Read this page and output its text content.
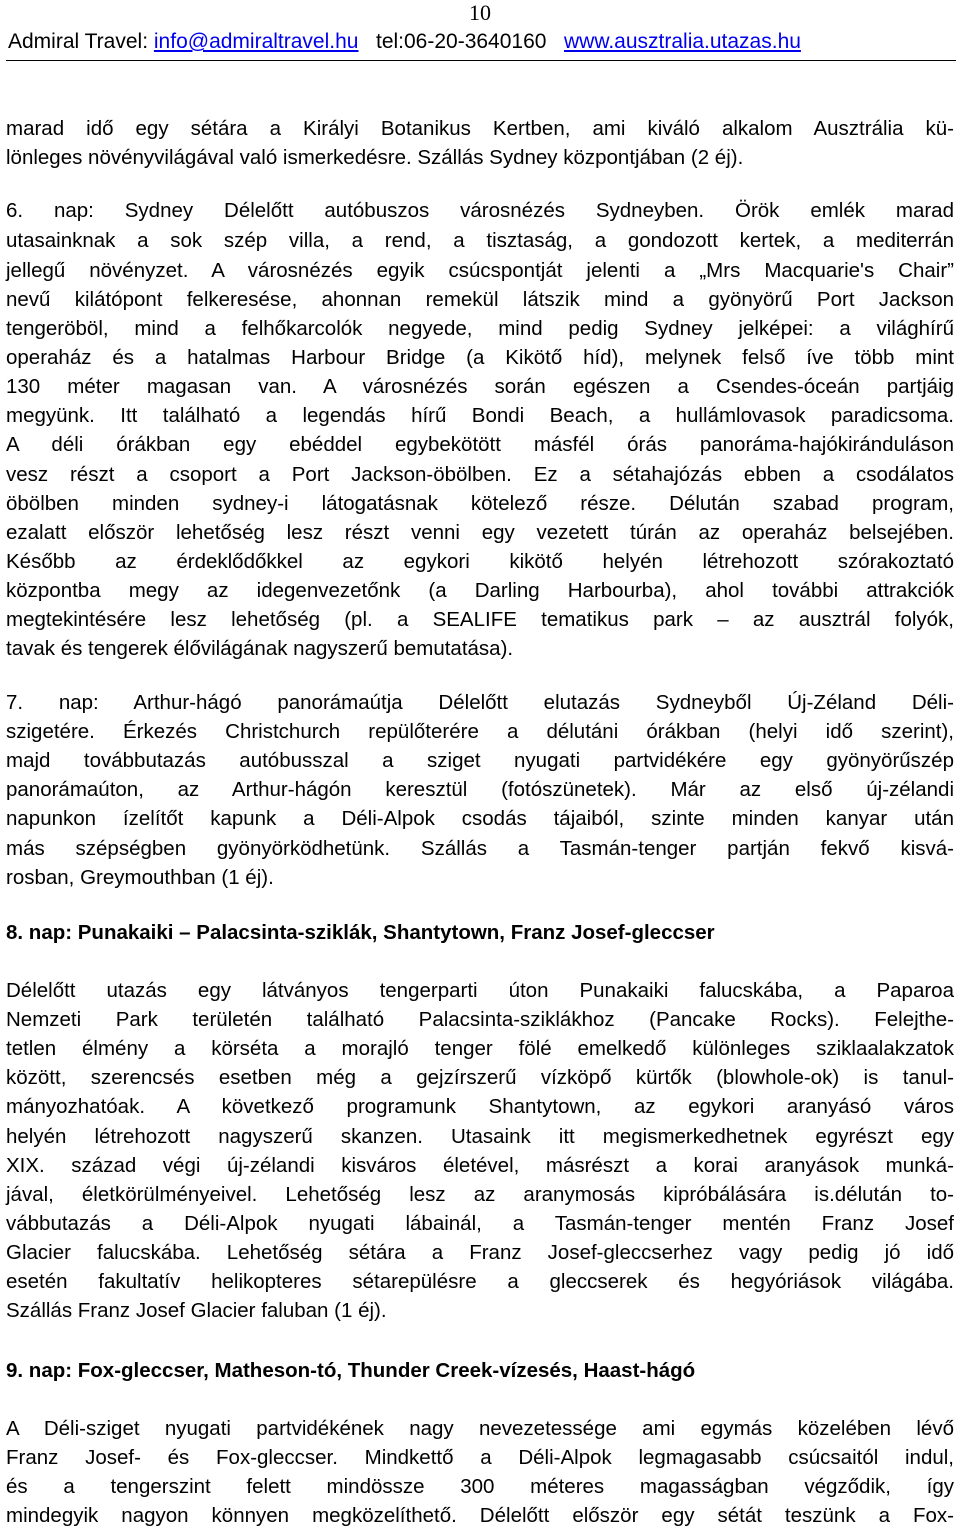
10
Admiral Travel: info@admiraltravel.hu tel:06-20-3640160 www.ausztralia.utazas.hu
marad idő egy sétára a Királyi Botanikus Kertben, ami kiváló alkalom Ausztrália kü-
lönleges növényvilágával való ismerkedésre. Szállás Sydney központjában (2 éj).
6. nap: Sydney Délelőtt autóbuszos városnézés Sydneyben. Örök emlék marad
utasainknak a sok szép villa, a rend, a tisztaság, a gondozott kertek, a mediterrán
jellegű növényzet. A városnézés egyik csúcspontját jelenti a „Mrs Macquarie's Chair”
nevű kilátópont felkeresése, ahonnan remekül látszik mind a gyönyörű Port Jackson
tengeröböl, mind a felhőkarcolók negyede, mind pedig Sydney jelképei: a világhírű
operaház és a hatalmas Harbour Bridge (a Kikötő híd), melynek felső íve több mint
130 méter magasan van. A városnézés során egészen a Csendes-óceán partjáig
megyünk. Itt található a legendás hírű Bondi Beach, a hullámlovasok paradicsoma.
A déli órákban egy ebéddel egybekötött másfél órás panoráma-hajókiránduláson
vesz részt a csoport a Port Jackson-öbölben. Ez a sétahajózás ebben a csodálatos
öbölben minden sydney-i látogatásnak kötelező része. Délután szabad program,
ezalatt először lehetőség lesz részt venni egy vezetett túrán az operaház belsejében.
Később az érdeklődőkkel az egykori kikötő helyén létrehozott szórakoztató
központba megy az idegenvezetőnk (a Darling Harbourba), ahol további attrakciók
megtekintésére lesz lehetőség (pl. a SEALIFE tematikus park – az ausztrál folyók,
tavak és tengerek élővilágának nagyszerű bemutatása).
7. nap: Arthur-hágó panorámaútja Délelőtt elutazás Sydneyből Új-Zéland Déli-
szigetére. Érkezés Christchurch repülőterére a délutáni órákban (helyi idő szerint),
majd továbbutazás autóbusszal a sziget nyugati partvidékére egy gyönyörűszép
panorámaúton, az Arthur-hágón keresztül (fotószünetek). Már az első új-zélandi
napunkon ízelítőt kapunk a Déli-Alpok csodás tájaiból, szinte minden kanyar után
más szépségben gyönyörködhetünk. Szállás a Tasmán-tenger partján fekvő kisvá-
rosban, Greymouthban (1 éj).
8. nap: Punakaiki – Palacsinta-sziklák, Shantytown, Franz Josef-gleccser
Délelőtt utazás egy látványos tengerparti úton Punakaiki falucskába, a Paparoa
Nemzeti Park területén található Palacsinta-sziklákhoz (Pancake Rocks). Felejthe-
tetlen élmény a körséta a morajló tenger fölé emelkedő különleges sziklaalakzatok
között, szerencsés esetben még a gejzírszerű vízköpő kürtők (blowhole-ok) is tanul-
mányozhatóak. A következő programunk Shantytown, az egykori aranyásó város
helyén létrehozott nagyszerű skanzen. Utasaink itt megismerkedhetnek egyrészt egy
XIX. század végi új-zélandi kisváros életével, másrészt a korai aranyások munká-
jával, életkörülményeivel. Lehetőség lesz az aranymosás kipróbálására is.délután to-
vábbutazás a Déli-Alpok nyugati lábainál, a Tasmán-tenger mentén Franz Josef
Glacier falucskába. Lehetőség sétára a Franz Josef-gleccserhez vagy pedig jó idő
esetén fakultatív helikopteres sétarepülésre a gleccserek és hegyóriások világába.
Szállás Franz Josef Glacier faluban (1 éj).
9. nap: Fox-gleccser, Matheson-tó, Thunder Creek-vízesés, Haast-hágó
A Déli-sziget nyugati partvidékének nagy nevezetessége ami egymás közelében lévő
Franz Josef- és Fox-gleccser. Mindkettő a Déli-Alpok legmagasabb csúcsaitól indul,
és a tengerszint felett mindössze 300 méteres magasságban végződik, így
mindegyik nagyon könnyen megközelíthető. Délelőtt először egy sétát teszünk a Fox-
